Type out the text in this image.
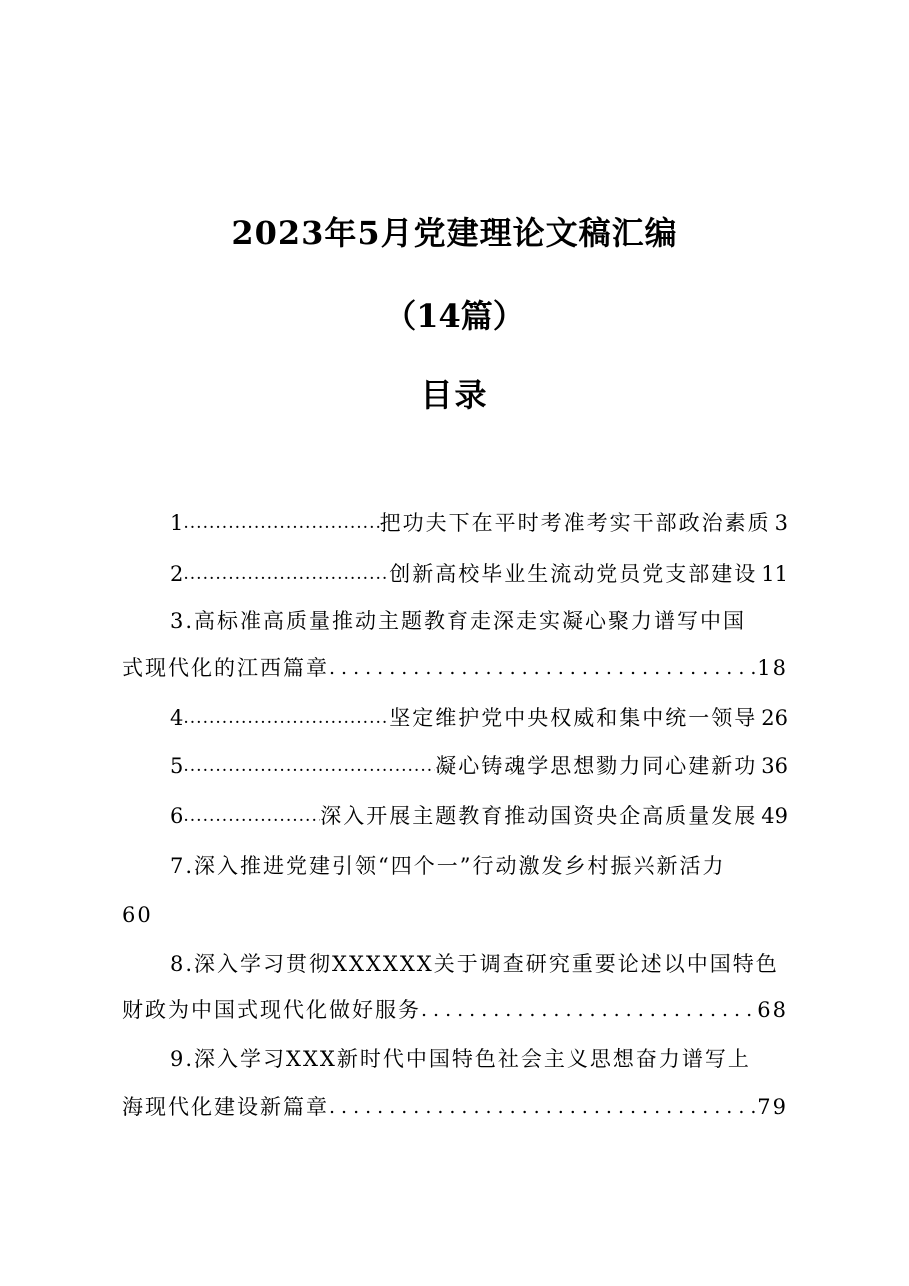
2023年5月党建理论文稿汇编
（14篇）
目录
1 .....	把功夫下在平时考准考实干部政治素质 3
2 .....	创新高校毕业生流动党员党支部建设 11
3.高标准高质量推动主题教育走深走实凝心聚力谱写中国
式现代化的江西篇章 .....	18
4 .....	坚定维护党中央权威和集中统一领导 26
5 .....	凝心铸魂学思想勠力同心建新功 36
6 .....	深入开展主题教育推动国资央企高质量发展 49
7.深入推进党建引领“四个一”行动激发乡村振兴新活力
60
8.深入学习贯彻XXXXXX关于调查研究重要论述以中国特色
财政为中国式现代化做好服务 .....	68
9.深入学习XXX新时代中国特色社会主义思想奋力谱写上
海现代化建设新篇章 .....	79
